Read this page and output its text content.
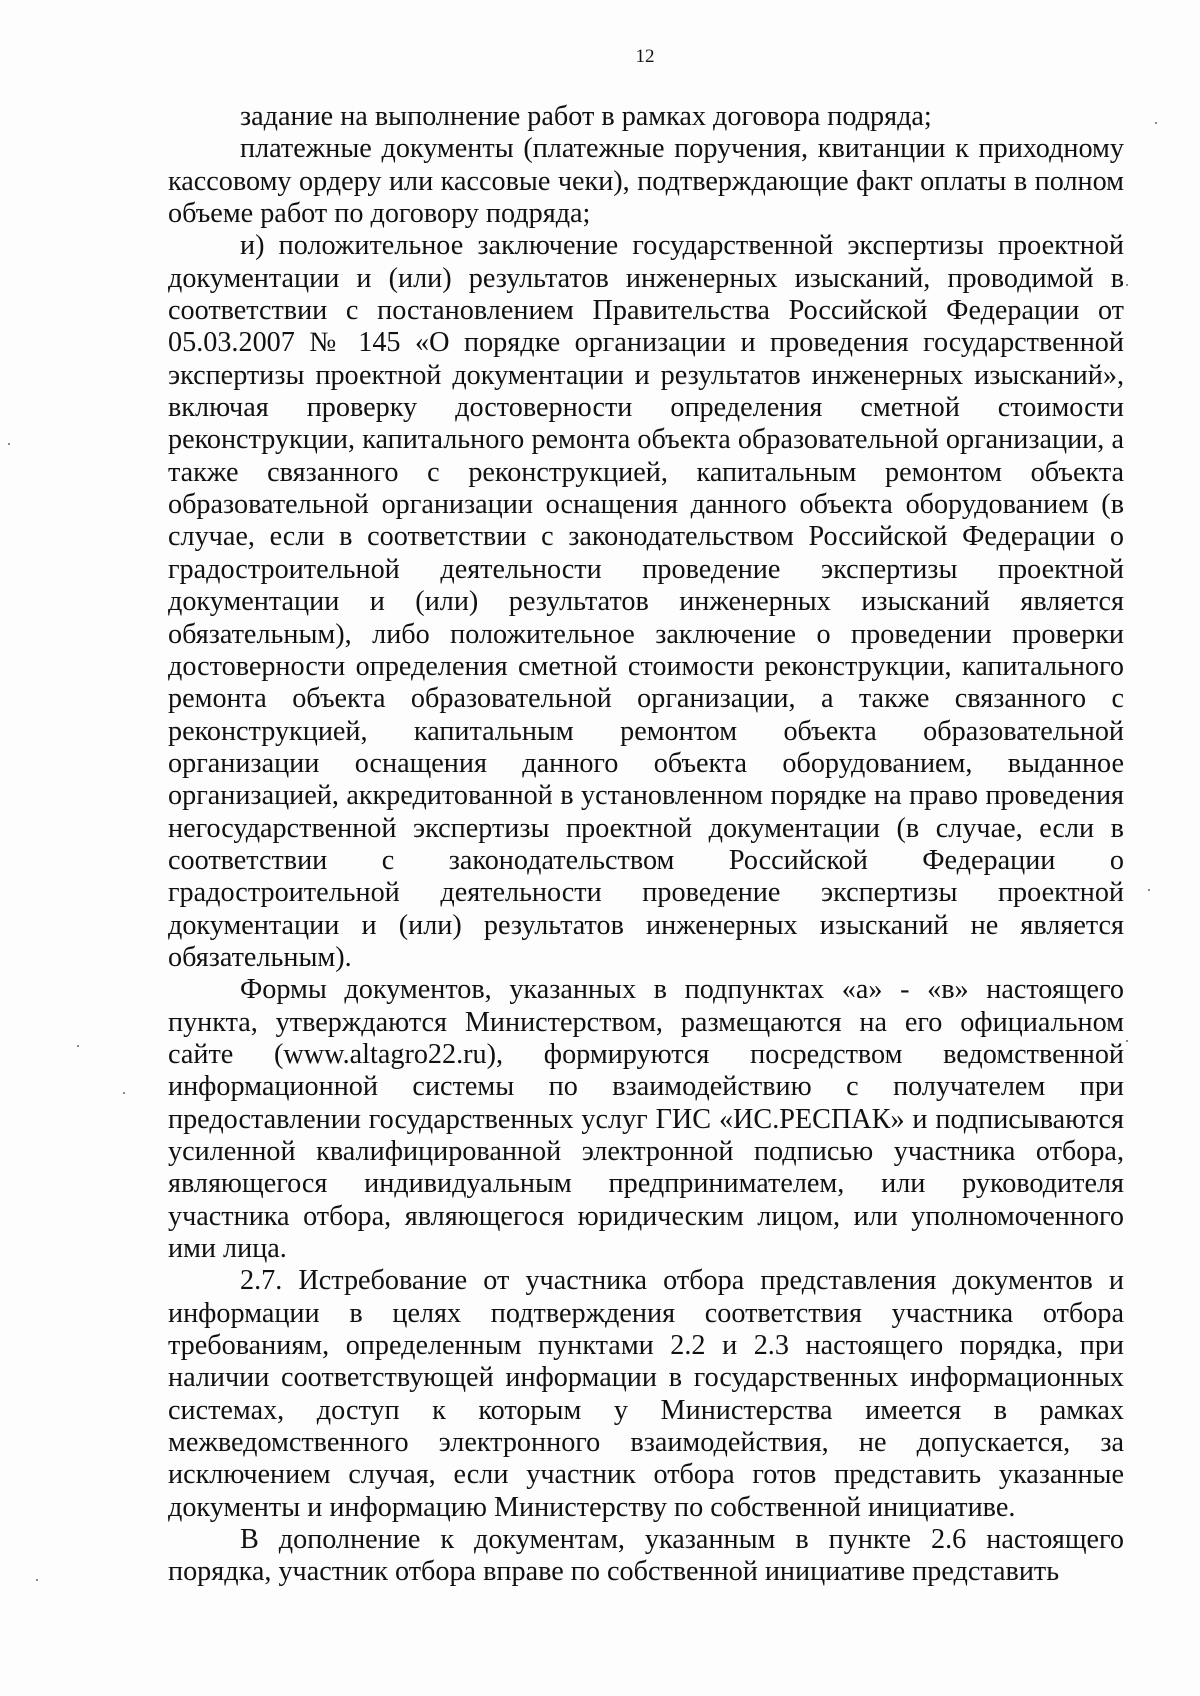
12

задание на выполнение работ в рамках договора подряда;

платежные документы (платежные поручения, квитанции к приходному кассовому ордеру или кассовые чеки), подтверждающие факт оплаты в полном объеме работ по договору подряда;

и) положительное заключение государственной экспертизы проектной документации и (или) результатов инженерных изысканий, проводимой в соответствии с постановлением Правительства Российской Федерации от 05.03.2007 № 145 «О порядке организации и проведения государственной экспертизы проектной документации и результатов инженерных изысканий», включая проверку достоверности определения сметной стоимости реконструкции, капитального ремонта объекта образовательной организации, а также связанного с реконструкцией, капитальным ремонтом объекта образовательной организации оснащения данного объекта оборудованием (в случае, если в соответствии с законодательством Российской Федерации о градостроительной деятельности проведение экспертизы проектной документации и (или) результатов инженерных изысканий является обязательным), либо положительное заключение о проведении проверки достоверности определения сметной стоимости реконструкции, капитального ремонта объекта образовательной организации, а также связанного с реконструкцией, капитальным ремонтом объекта образовательной организации оснащения данного объекта оборудованием, выданное организацией, аккредитованной в установленном порядке на право проведения негосударственной экспертизы проектной документации (в случае, если в соответствии с законодательством Российской Федерации о градостроительной деятельности проведение экспертизы проектной документации и (или) результатов инженерных изысканий не является обязательным).

Формы документов, указанных в подпунктах «а» - «в» настоящего пункта, утверждаются Министерством, размещаются на его официальном сайте (www.altagro22.ru), формируются посредством ведомственной информационной системы по взаимодействию с получателем при предоставлении государственных услуг ГИС «ИС.РЕСПАК» и подписываются усиленной квалифицированной электронной подписью участника отбора, являющегося индивидуальным предпринимателем, или руководителя участника отбора, являющегося юридическим лицом, или уполномоченного ими лица.

2.7. Истребование от участника отбора представления документов и информации в целях подтверждения соответствия участника отбора требованиям, определенным пунктами 2.2 и 2.3 настоящего порядка, при наличии соответствующей информации в государственных информационных системах, доступ к которым у Министерства имеется в рамках межведомственного электронного взаимодействия, не допускается, за исключением случая, если участник отбора готов представить указанные документы и информацию Министерству по собственной инициативе.

В дополнение к документам, указанным в пункте 2.6 настоящего порядка, участник отбора вправе по собственной инициативе представить
